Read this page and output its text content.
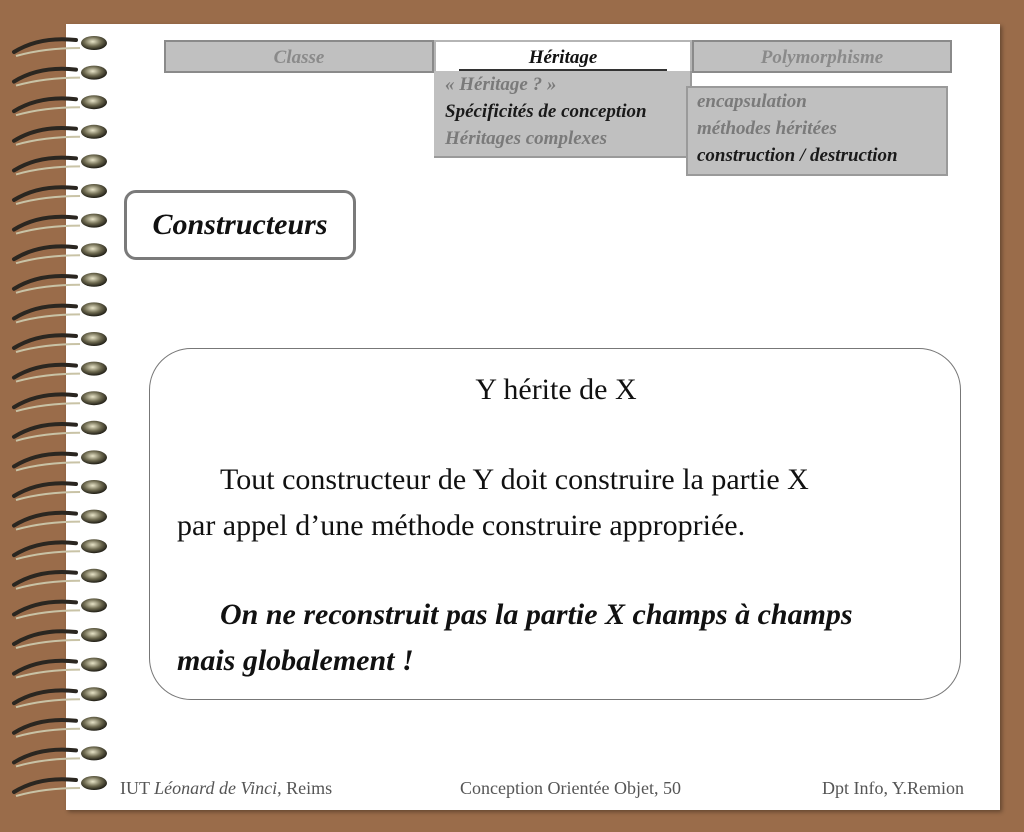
Classe	Héritage	Polymorphisme
« Héritage ? »
Spécificités de conception
Héritages complexes
encapsulation
méthodes héritées
construction / destruction
Constructeurs
Y hérite de X
Tout constructeur de Y doit construire la partie X
par appel d’une méthode construire appropriée.
On ne reconstruit pas la partie X champs à champs
mais globalement !
IUT Léonard de Vinci, Reims	Conception Orientée Objet, 50	Dpt Info, Y.Remion
